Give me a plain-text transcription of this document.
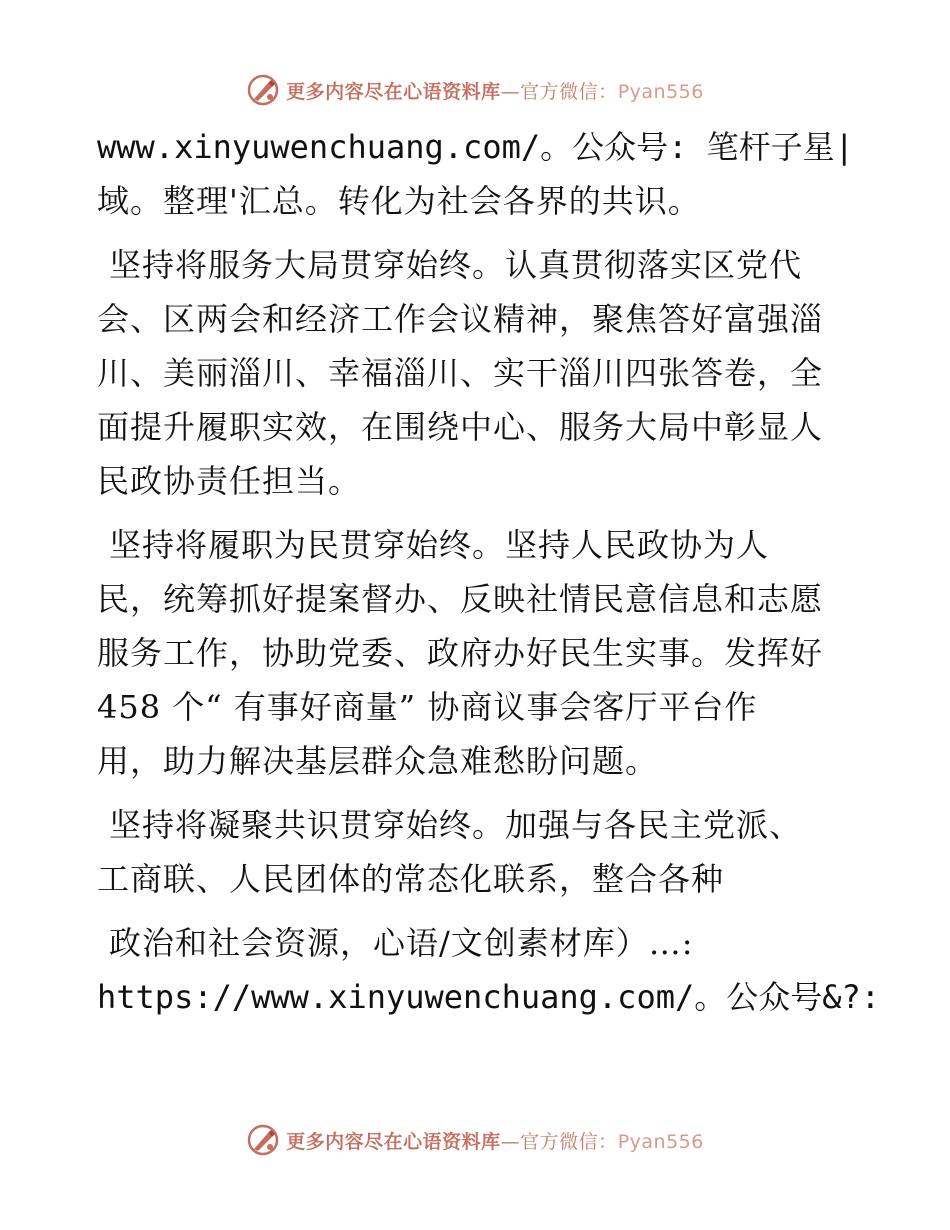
更多内容尽在心语资料库—官方微信：Pyan556
www.xinyuwenchuang.com/。公众号: 笔杆子星|
域。整理'汇总。转化为社会各界的共识。
坚持将服务大局贯穿始终。认真贯彻落实区党代
会、区两会和经济工作会议精神，聚焦答好富强淄
川、美丽淄川、幸福淄川、实干淄川四张答卷，全
面提升履职实效，在围绕中心、服务大局中彰显人
民政协责任担当。
坚持将履职为民贯穿始终。坚持人民政协为人
民，统筹抓好提案督办、反映社情民意信息和志愿
服务工作，协助党委、政府办好民生实事。发挥好
458 个“ 有事好商量” 协商议事会客厅平台作
用，助力解决基层群众急难愁盼问题。
坚持将凝聚共识贯穿始终。加强与各民主党派、
工商联、人民团体的常态化联系，整合各种
政治和社会资源，心语/文创素材库）…:
https://www.xinyuwenchuang.com/。公众号&?:
更多内容尽在心语资料库—官方微信：Pyan556
